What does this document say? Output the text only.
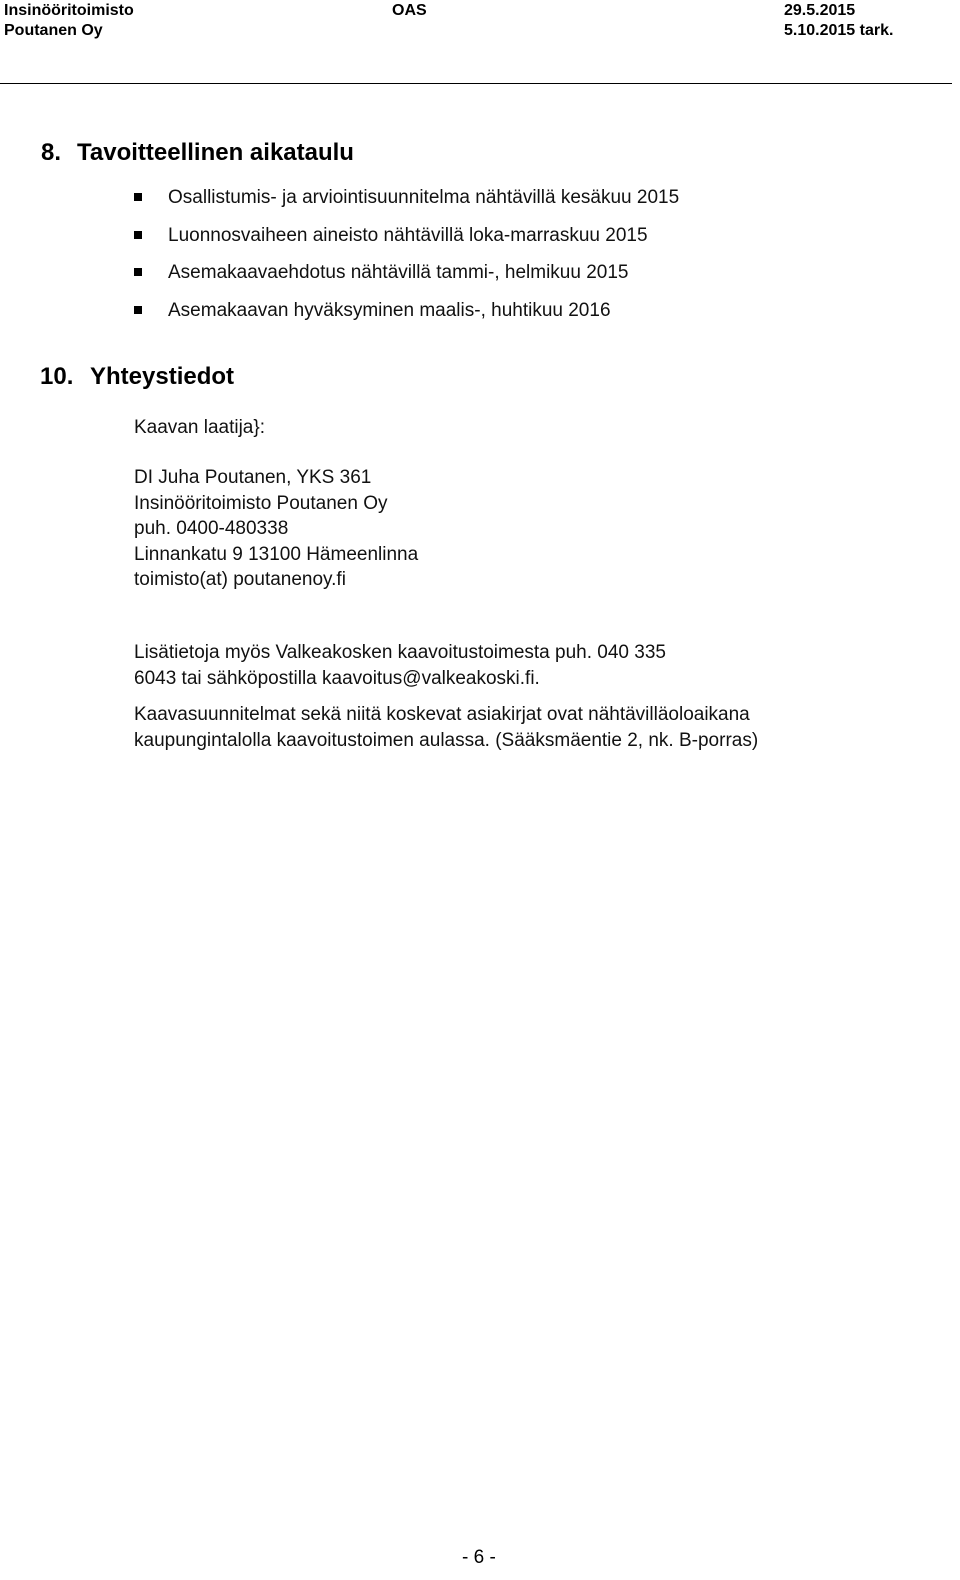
Insinööritoimisto
Poutanen Oy
OAS	29.5.2015
5.10.2015 tark.
8. Tavoitteellinen aikataulu
Osallistumis- ja arviointisuunnitelma nähtävillä kesäkuu 2015
Luonnosvaiheen aineisto nähtävillä loka-marraskuu 2015
Asemakaavaehdotus nähtävillä tammi-, helmikuu 2015
Asemakaavan hyväksyminen maalis-, huhtikuu 2016
10. Yhteystiedot
Kaavan laatija}:
DI Juha Poutanen, YKS 361
Insinööritoimisto Poutanen Oy
puh. 0400-480338
Linnankatu 9 13100 Hämeenlinna
toimisto(at) poutanenoy.fi
Lisätietoja myös Valkeakosken kaavoitustoimesta puh. 040 335
6043 tai sähköpostilla kaavoitus@valkeakoski.fi.
Kaavasuunnitelmat sekä niitä koskevat asiakirjat ovat nähtävilläoloaikana
kaupungintalolla kaavoitustoimen aulassa. (Sääksmäentie 2, nk. B-porras)
- 6 -
